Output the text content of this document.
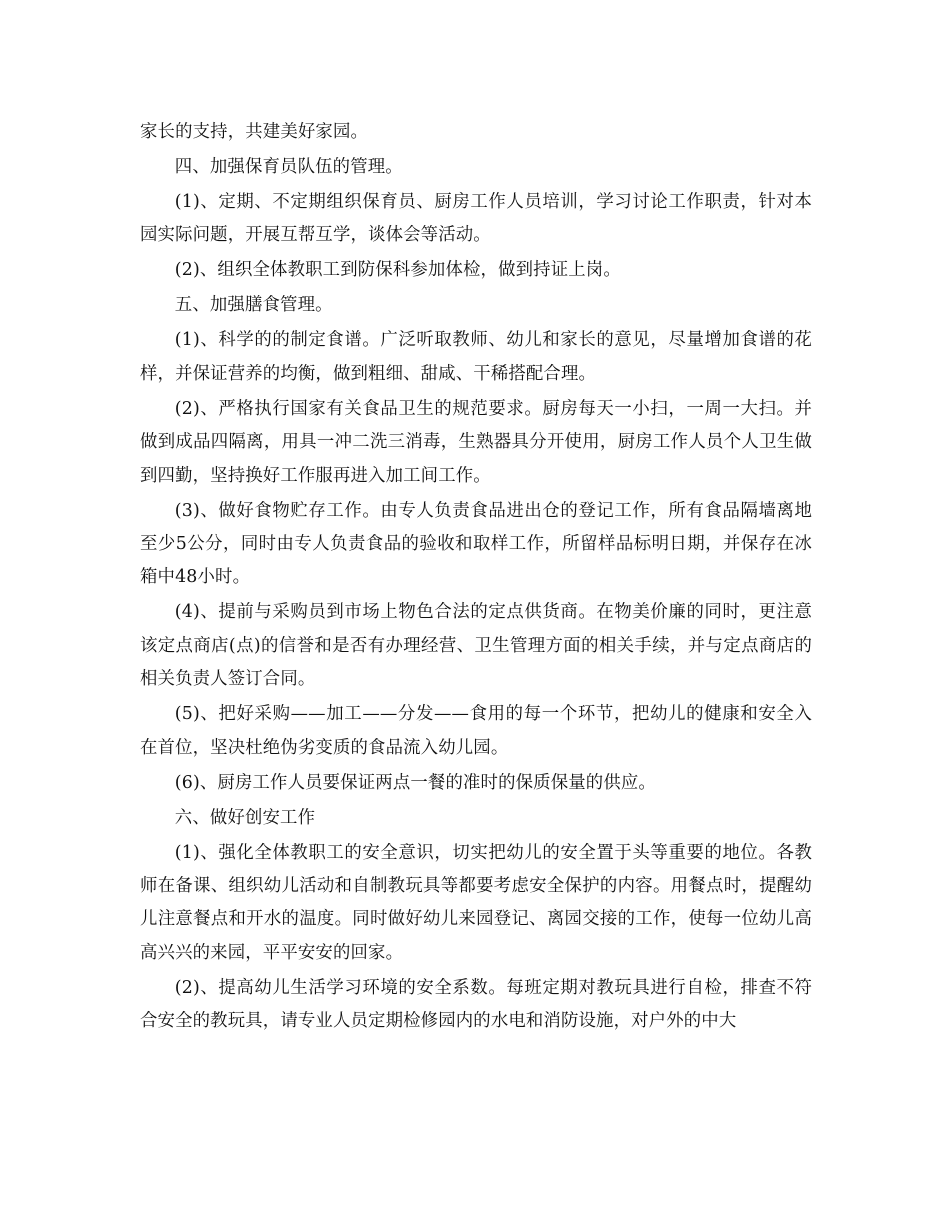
家长的支持，共建美好家园。

四、加强保育员队伍的管理。

(1)、定期、不定期组织保育员、厨房工作人员培训，学习讨论工作职责，针对本园实际问题，开展互帮互学，谈体会等活动。

(2)、组织全体教职工到防保科参加体检，做到持证上岗。

五、加强膳食管理。

(1)、科学的的制定食谱。广泛听取教师、幼儿和家长的意见，尽量增加食谱的花样，并保证营养的均衡，做到粗细、甜咸、干稀搭配合理。

(2)、严格执行国家有关食品卫生的规范要求。厨房每天一小扫，一周一大扫。并做到成品四隔离，用具一冲二洗三消毒，生熟器具分开使用，厨房工作人员个人卫生做到四勤，坚持换好工作服再进入加工间工作。

(3)、做好食物贮存工作。由专人负责食品进出仓的登记工作，所有食品隔墙离地至少5公分，同时由专人负责食品的验收和取样工作，所留样品标明日期，并保存在冰箱中48小时。

(4)、提前与采购员到市场上物色合法的定点供货商。在物美价廉的同时，更注意该定点商店(点)的信誉和是否有办理经营、卫生管理方面的相关手续，并与定点商店的相关负责人签订合同。

(5)、把好采购——加工——分发——食用的每一个环节，把幼儿的健康和安全入在首位，坚决杜绝伪劣变质的食品流入幼儿园。

(6)、厨房工作人员要保证两点一餐的准时的保质保量的供应。

六、做好创安工作

(1)、强化全体教职工的安全意识，切实把幼儿的安全置于头等重要的地位。各教师在备课、组织幼儿活动和自制教玩具等都要考虑安全保护的内容。用餐点时，提醒幼儿注意餐点和开水的温度。同时做好幼儿来园登记、离园交接的工作，使每一位幼儿高高兴兴的来园，平平安安的回家。

(2)、提高幼儿生活学习环境的安全系数。每班定期对教玩具进行自检，排查不符合安全的教玩具，请专业人员定期检修园内的水电和消防设施，对户外的中大
